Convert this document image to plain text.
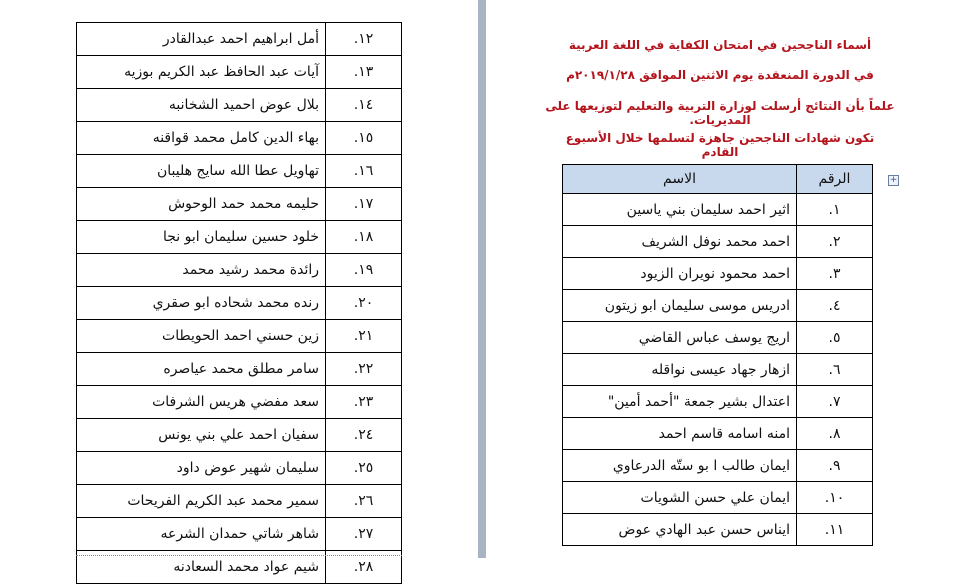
١٢.	أمل ابراهيم احمد عبدالقادر
١٣.	آيات عبد الحافظ عبد الكريم بوزيه
١٤.	بلال عوض احميد الشخانبه
١٥.	بهاء الدين كامل محمد قواقنه
١٦.	تهاويل عطا الله سايج هليبان
١٧.	حليمه محمد حمد الوحوش
١٨.	خلود حسين سليمان ابو نجا
١٩.	رائدة محمد رشيد محمد
٢٠.	رنده محمد شحاده ابو صقري
٢١.	زين حسني احمد الحويطات
٢٢.	سامر مطلق محمد عياصره
٢٣.	سعد مفضي هريس الشرفات
٢٤.	سفيان احمد علي بني يونس
٢٥.	سليمان شهير عوض داود
٢٦.	سمير محمد عبد الكريم الفريحات
٢٧.	شاهر شاتي حمدان الشرعه
٢٨.	شيم عواد محمد السعادنه
أسماء الناجحين في امتحان الكفاية في اللغة العربية
في الدورة المنعقدة يوم الاثنين الموافق ٢٠١٩/١/٢٨م
علماً بأن النتائج أرسلت لوزارة التربية والتعليم لتوزيعها على المديريات.
تكون شهادات الناجحين جاهزة لتسلمها خلال الأسبوع القادم
+
الرقم	الاسم
١.	اثير احمد سليمان بني ياسين
٢.	احمد محمد نوفل الشريف
٣.	احمد محمود نويران الزيود
٤.	ادريس موسى سليمان ابو زيتون
٥.	اريج يوسف عباس القاضي
٦.	ازهار جهاد عيسى نواقله
٧.	اعتدال بشير جمعة "أحمد أمين"
٨.	امنه اسامه قاسم احمد
٩.	ايمان طالب ا بو ستّه الدرعاوي
١٠.	ايمان علي حسن الشويات
١١.	ايناس حسن عبد الهادي عوض
